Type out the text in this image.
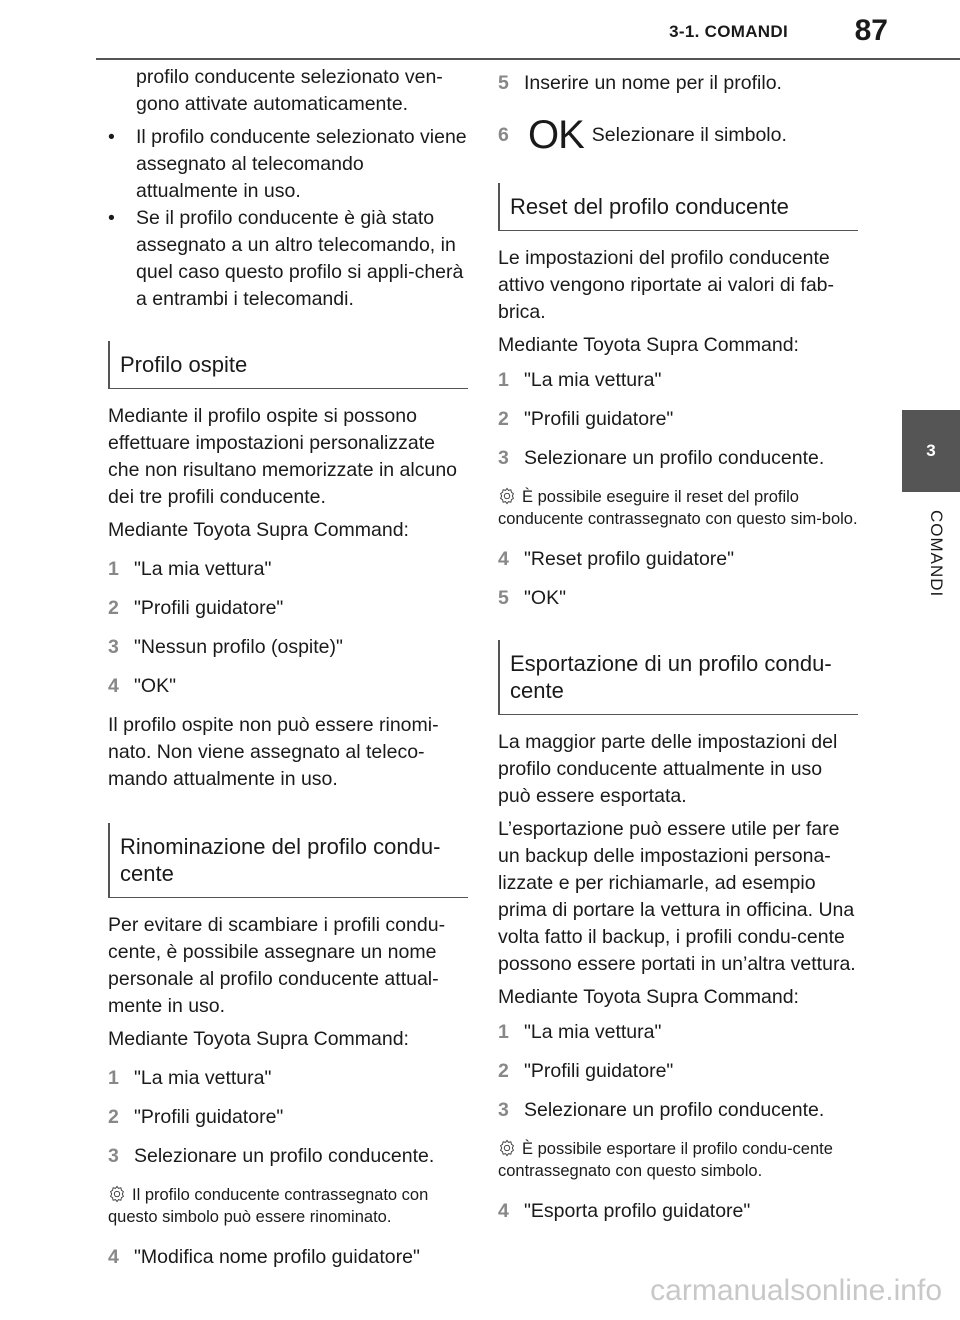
3-1. COMANDI 87
3
COMANDI

profilo conducente selezionato ven-gono attivate automaticamente.

• Il profilo conducente selezionato viene assegnato al telecomando attualmente in uso.

• Se il profilo conducente è già stato assegnato a un altro telecomando, in quel caso questo profilo si appli-cherà a entrambi i telecomandi.

Profilo ospite

Mediante il profilo ospite si possono effettuare impostazioni personalizzate che non risultano memorizzate in alcuno dei tre profili conducente.

Mediante Toyota Supra Command:

1 "La mia vettura"
2 "Profili guidatore"
3 "Nessun profilo (ospite)"
4 "OK"

Il profilo ospite non può essere rinomi-nato. Non viene assegnato al teleco-mando attualmente in uso.

Rinominazione del profilo condu-cente

Per evitare di scambiare i profili condu-cente, è possibile assegnare un nome personale al profilo conducente attual-mente in uso.

Mediante Toyota Supra Command:

1 "La mia vettura"
2 "Profili guidatore"
3 Selezionare un profilo conducente.

Il profilo conducente contrassegnato con questo simbolo può essere rinominato.

4 "Modifica nome profilo guidatore"
5 Inserire un nome per il profilo.
6 OK Selezionare il simbolo.
Reset del profilo conducente

Le impostazioni del profilo conducente attivo vengono riportate ai valori di fab-brica.

Mediante Toyota Supra Command:

1 "La mia vettura"
2 "Profili guidatore"
3 Selezionare un profilo conducente.

È possibile eseguire il reset del profilo conducente contrassegnato con questo sim-bolo.

4 "Reset profilo guidatore"
5 "OK"
Esportazione di un profilo condu-cente

La maggior parte delle impostazioni del profilo conducente attualmente in uso può essere esportata.

L’esportazione può essere utile per fare un backup delle impostazioni persona-lizzate e per richiamarle, ad esempio prima di portare la vettura in officina. Una volta fatto il backup, i profili condu-cente possono essere portati in un’altra vettura.

Mediante Toyota Supra Command:

1 "La mia vettura"
2 "Profili guidatore"
3 Selezionare un profilo conducente.

È possibile esportare il profilo condu-cente contrassegnato con questo simbolo.

4 "Esporta profilo guidatore"
carmanualsonline.info
